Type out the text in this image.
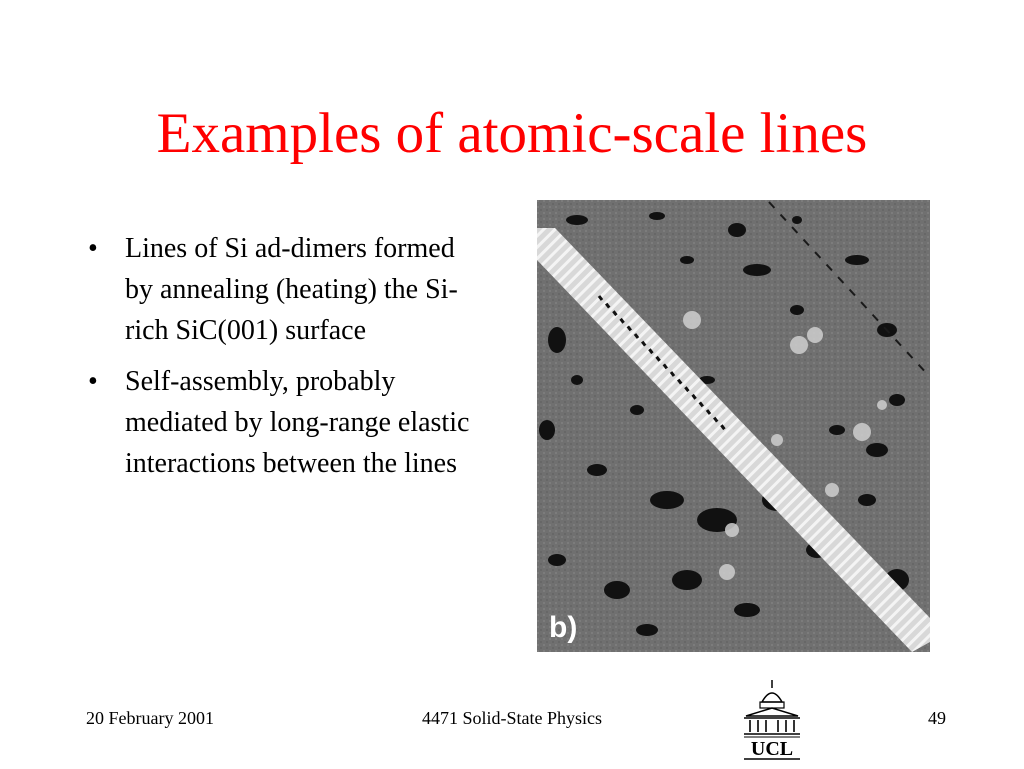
Examples of atomic-scale lines
• Lines of Si ad-dimers formed by annealing (heating) the Si-rich SiC(001) surface
• Self-assembly, probably mediated by long-range elastic interactions between the lines
b)
20 February 2001	4471 Solid-State Physics	49
UCL
